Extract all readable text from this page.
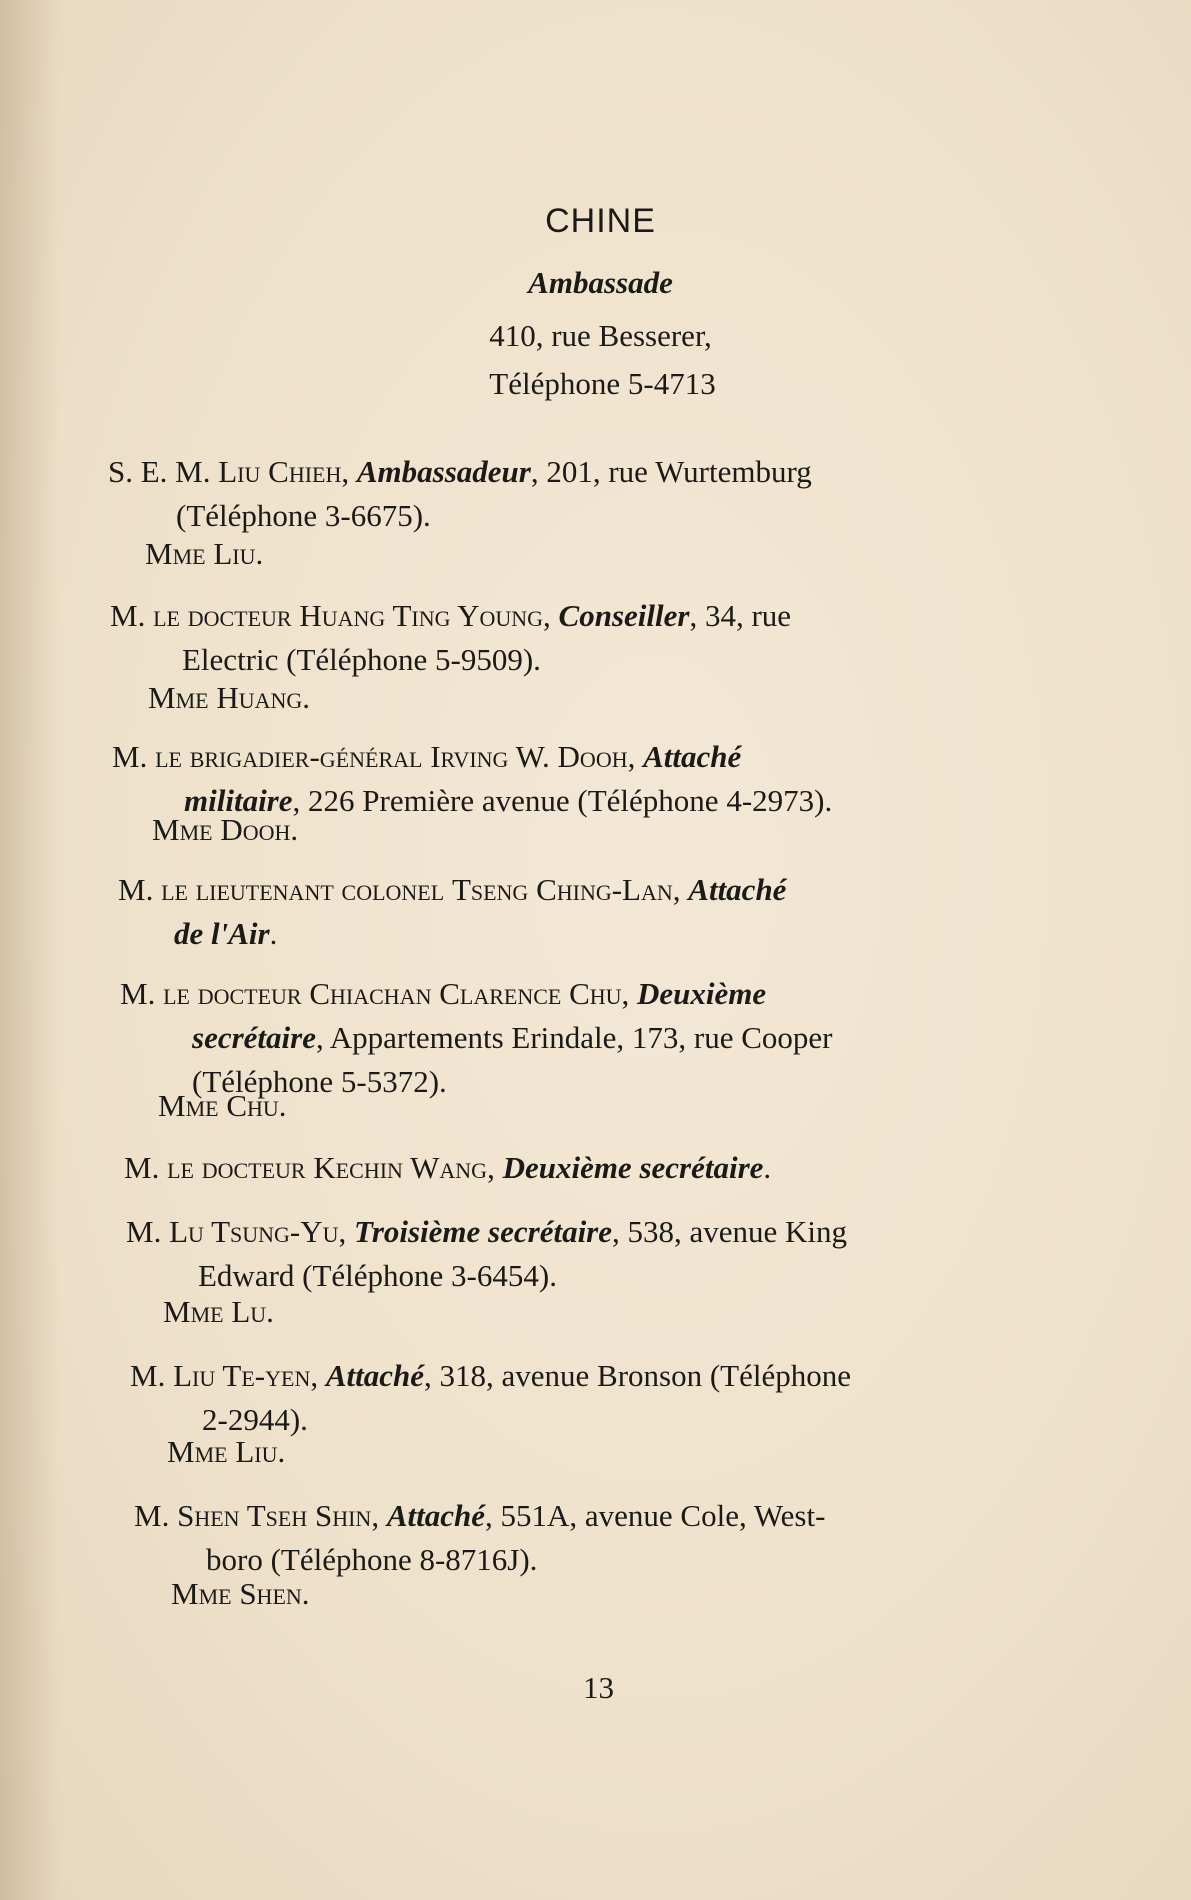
CHINE
Ambassade
410, rue Besserer,
Téléphone 5-4713
S. E. M. Liu Chieh, Ambassadeur, 201, rue Wurtemburg
(Téléphone 3-6675).
Mme Liu.
M. le docteur Huang Ting Young, Conseiller, 34, rue
Electric (Téléphone 5-9509).
Mme Huang.
M. le brigadier-général Irving W. Dooh, Attaché
militaire, 226 Première avenue (Téléphone 4-2973).
Mme Dooh.
M. le lieutenant colonel Tseng Ching-Lan, Attaché
de l'Air.
M. le docteur Chiachan Clarence Chu, Deuxième
secrétaire, Appartements Erindale, 173, rue Cooper
(Téléphone 5-5372).
Mme Chu.
M. le docteur Kechin Wang, Deuxième secrétaire.
M. Lu Tsung-Yu, Troisième secrétaire, 538, avenue King
Edward (Téléphone 3-6454).
Mme Lu.
M. Liu Te-yen, Attaché, 318, avenue Bronson (Téléphone
2-2944).
Mme Liu.
M. Shen Tseh Shin, Attaché, 551A, avenue Cole, West-
boro (Téléphone 8-8716J).
Mme Shen.
13
